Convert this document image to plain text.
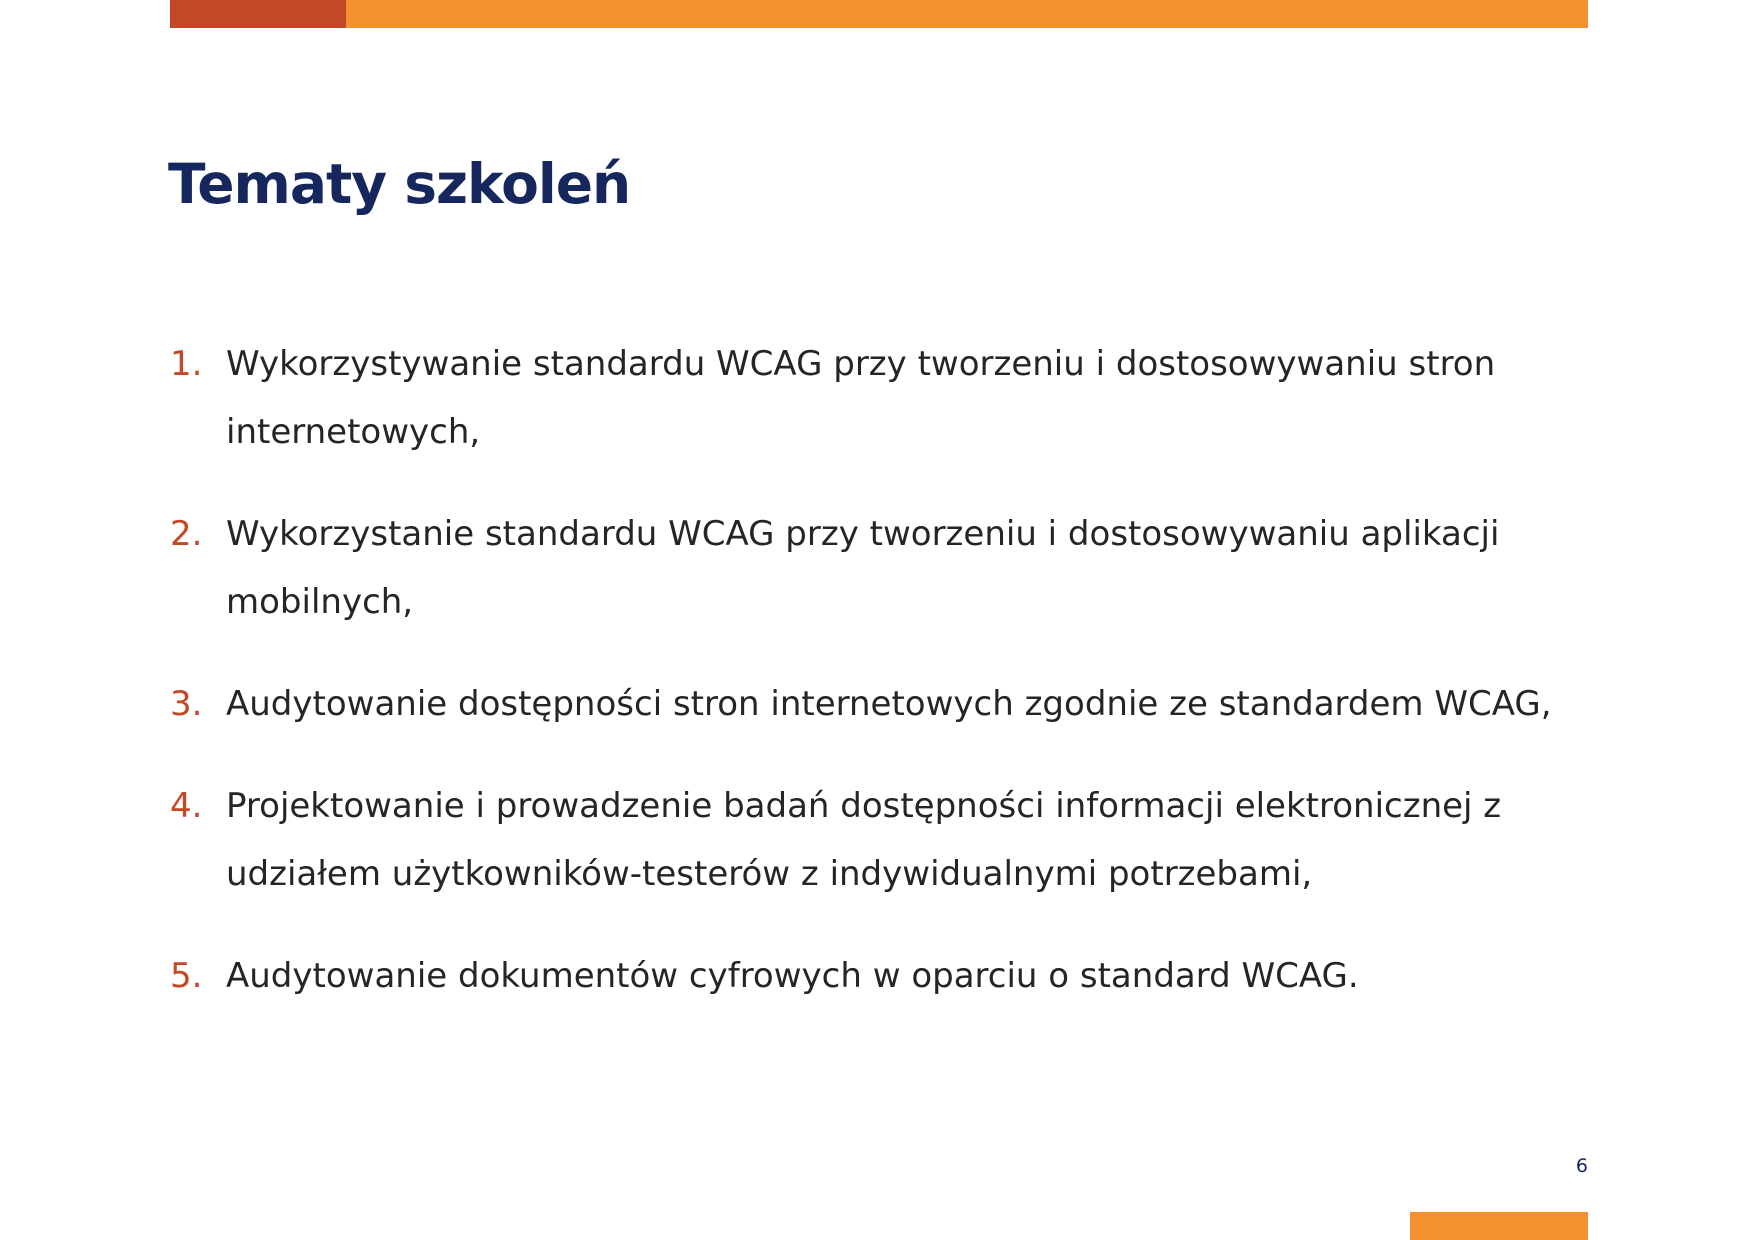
Tematy szkoleń
1. Wykorzystywanie standardu WCAG przy tworzeniu i dostosowywaniu stron internetowych,
2. Wykorzystanie standardu WCAG przy tworzeniu i dostosowywaniu aplikacji mobilnych,
3. Audytowanie dostępności stron internetowych zgodnie ze standardem WCAG,
4. Projektowanie i prowadzenie badań dostępności informacji elektronicznej z udziałem użytkowników-testerów z indywidualnymi potrzebami,
5. Audytowanie dokumentów cyfrowych w oparciu o standard WCAG.
6
